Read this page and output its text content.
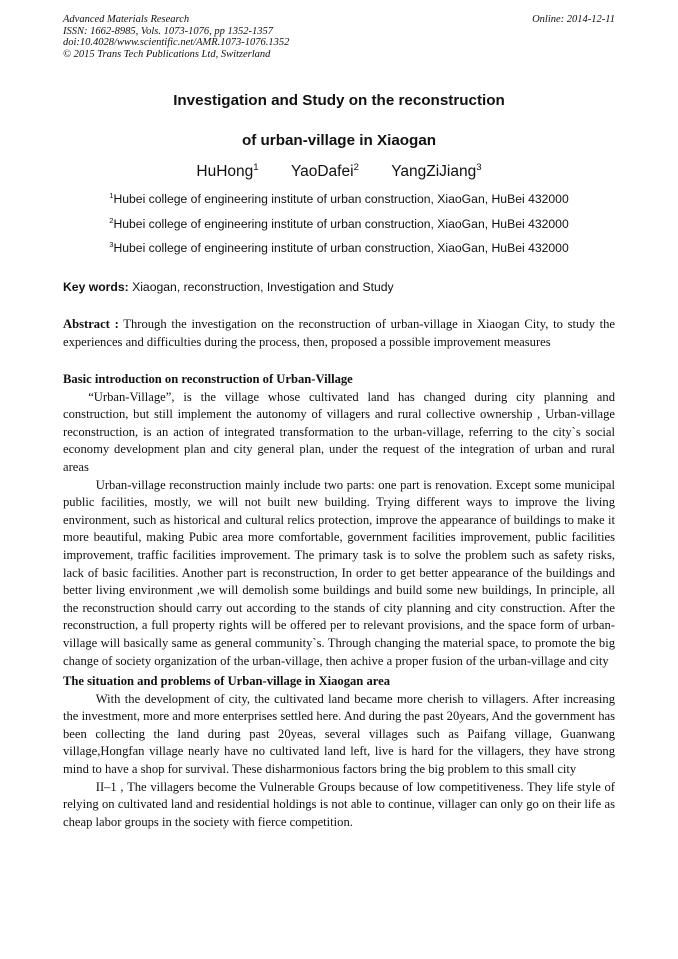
Advanced Materials Research
ISSN: 1662-8985, Vols. 1073-1076, pp 1352-1357
doi:10.4028/www.scientific.net/AMR.1073-1076.1352
© 2015 Trans Tech Publications Ltd, Switzerland
Online: 2014-12-11
Investigation and Study on the reconstruction
of urban-village in Xiaogan
HuHong$^1$ YaoDafei$^2$ YangZiJiang$^3$
$^1$Hubei college of engineering institute of urban construction, XiaoGan, HuBei 432000
$^2$Hubei college of engineering institute of urban construction, XiaoGan, HuBei 432000
$^3$Hubei college of engineering institute of urban construction, XiaoGan, HuBei 432000
Key words: Xiaogan, reconstruction, Investigation and Study

Abstract : Through the investigation on the reconstruction of urban-village in Xiaogan City, to study the experiences and difficulties during the process, then, proposed a possible improvement measures

Basic introduction on reconstruction of Urban-Village

“Urban-Village”, is the village whose cultivated land has changed during city planning and construction, but still implement the autonomy of villagers and rural collective ownership , Urban-village reconstruction, is an action of integrated transformation to the urban-village, referring to the city`s social economy development plan and city general plan, under the request of the integration of urban and rural areas

Urban-village reconstruction mainly include two parts: one part is renovation. Except some municipal public facilities, mostly, we will not built new building. Trying different ways to improve the living environment, such as historical and cultural relics protection, improve the appearance of buildings to make it more beautiful, making Pubic area more comfortable, government facilities improvement, public facilities improvement, traffic facilities improvement. The primary task is to solve the problem such as safety risks, lack of basic facilities. Another part is reconstruction, In order to get better appearance of the buildings and better living environment ,we will demolish some buildings and build some new buildings, In principle, all the reconstruction should carry out according to the stands of city planning and city construction. After the reconstruction, a full property rights will be offered per to relevant provisions, and the space form of urban-village will basically same as general community`s. Through changing the material space, to promote the big change of society organization of the urban-village, then achive a proper fusion of the urban-village and city

The situation and problems of Urban-village in Xiaogan area

With the development of city, the cultivated land became more cherish to villagers. After increasing the investment, more and more enterprises settled here. And during the past 20years, And the government has been collecting the land during past 20yeas, several villages such as Paifang village, Guanwang village,Hongfan village nearly have no cultivated land left, live is hard for the villagers, they have strong mind to have a shop for survival. These disharmonious factors bring the big problem to this small city

II–1 , The villagers become the Vulnerable Groups because of low competitiveness. They life style of relying on cultivated land and residential holdings is not able to continue, villager can only go on their life as cheap labor groups in the society with fierce competition.
